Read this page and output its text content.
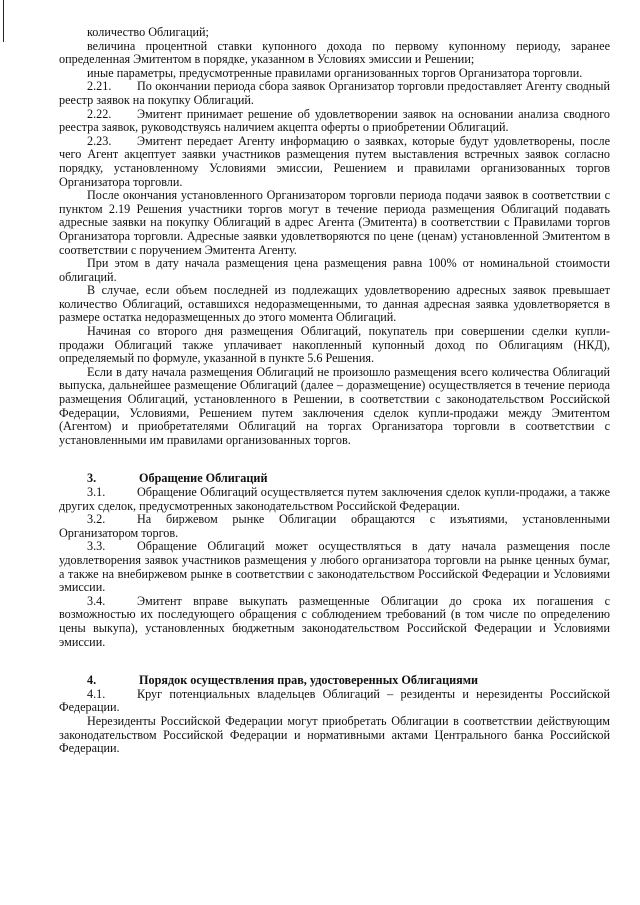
количество Облигаций;

величина процентной ставки купонного дохода по первому купонному периоду, заранее определенная Эмитентом в порядке, указанном в Условиях эмиссии и Решении;

иные параметры, предусмотренные правилами организованных торгов Организатора торговли.

2.21. По окончании периода сбора заявок Организатор торговли предоставляет Агенту сводный реестр заявок на покупку Облигаций.

2.22. Эмитент принимает решение об удовлетворении заявок на основании анализа сводного реестра заявок, руководствуясь наличием акцепта оферты о приобретении Облигаций.

2.23. Эмитент передает Агенту информацию о заявках, которые будут удовлетворены, после чего Агент акцептует заявки участников размещения путем выставления встречных заявок согласно порядку, установленному Условиями эмиссии, Решением и правилами организованных торгов Организатора торговли.

После окончания установленного Организатором торговли периода подачи заявок в соответствии с пунктом 2.19 Решения участники торгов могут в течение периода размещения Облигаций подавать адресные заявки на покупку Облигаций в адрес Агента (Эмитента) в соответствии с Правилами торгов Организатора торговли. Адресные заявки удовлетворяются по цене (ценам) установленной Эмитентом в соответствии с поручением Эмитента Агенту.

При этом в дату начала размещения цена размещения равна 100% от номинальной стоимости облигаций.

В случае, если объем последней из подлежащих удовлетворению адресных заявок превышает количество Облигаций, оставшихся недоразмещенными, то данная адресная заявка удовлетворяется в размере остатка недоразмещенных до этого момента Облигаций.

Начиная со второго дня размещения Облигаций, покупатель при совершении сделки купли-продажи Облигаций также уплачивает накопленный купонный доход по Облигациям (НКД), определяемый по формуле, указанной в пункте 5.6 Решения.

Если в дату начала размещения Облигаций не произошло размещения всего количества Облигаций выпуска, дальнейшее размещение Облигаций (далее – доразмещение) осуществляется в течение периода размещения Облигаций, установленного в Решении, в соответствии с законодательством Российской Федерации, Условиями, Решением путем заключения сделок купли-продажи между Эмитентом (Агентом) и приобретателями Облигаций на торгах Организатора торговли в соответствии с установленными им правилами организованных торгов.

3.	Обращение Облигаций

3.1.	Обращение Облигаций осуществляется путем заключения сделок купли-продажи, а также других сделок, предусмотренных законодательством Российской Федерации.

3.2.	На биржевом рынке Облигации обращаются с изъятиями, установленными Организатором торгов.

3.3.	Обращение Облигаций может осуществляться в дату начала размещения после удовлетворения заявок участников размещения у любого организатора торговли на рынке ценных бумаг, а также на внебиржевом рынке в соответствии с законодательством Российской Федерации и Условиями эмиссии.

3.4.	Эмитент вправе выкупать размещенные Облигации до срока их погашения с возможностью их последующего обращения с соблюдением требований (в том числе по определению цены выкупа), установленных бюджетным законодательством Российской Федерации и Условиями эмиссии.

4.	Порядок осуществления прав, удостоверенных Облигациями

4.1.	Круг потенциальных владельцев Облигаций – резиденты и нерезиденты Российской Федерации.

Нерезиденты Российской Федерации могут приобретать Облигации в соответствии действующим законодательством Российской Федерации и нормативными актами Центрального банка Российской Федерации.
